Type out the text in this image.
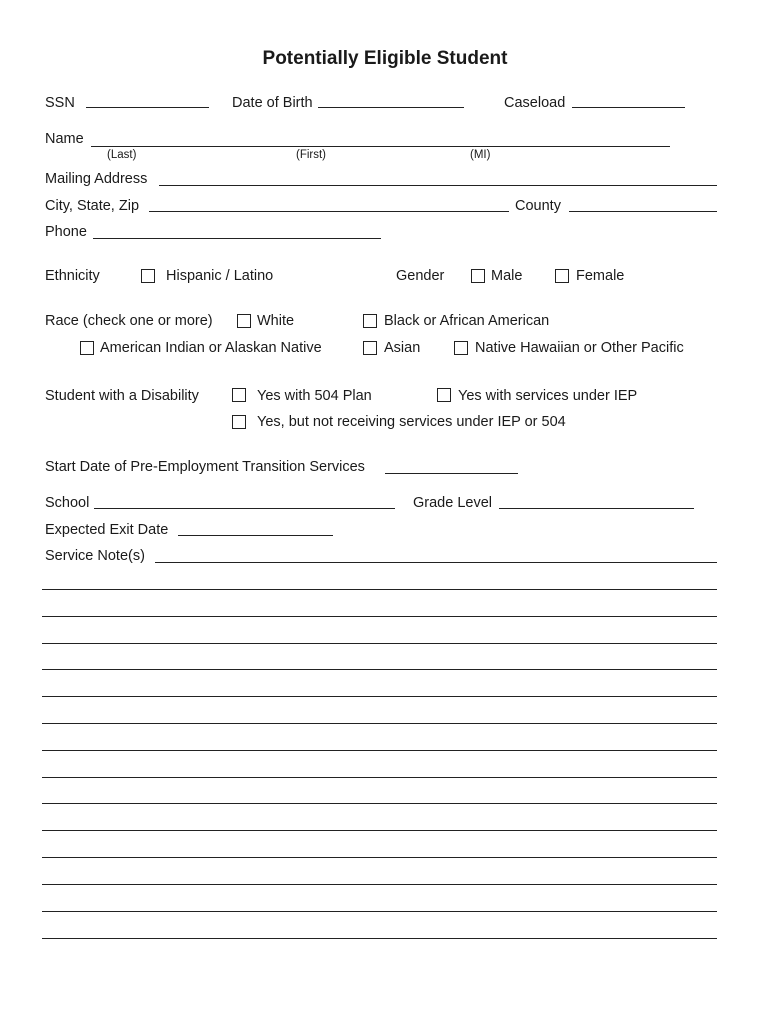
Potentially Eligible Student
SSN	Date of Birth	Caseload
Name
(Last)	(First)	(MI)
Mailing Address
City, State, Zip	County
Phone
Ethnicity	Hispanic / Latino	Gender	Male	Female
Race (check one or more)	White	Black or African American
American Indian or Alaskan Native	Asian	Native Hawaiian or Other Pacific
Student with a Disability	Yes with 504 Plan	Yes with services under IEP
Yes, but not receiving services under IEP or 504
Start Date of Pre-Employment Transition Services
School	Grade Level
Expected Exit Date
Service Note(s)
